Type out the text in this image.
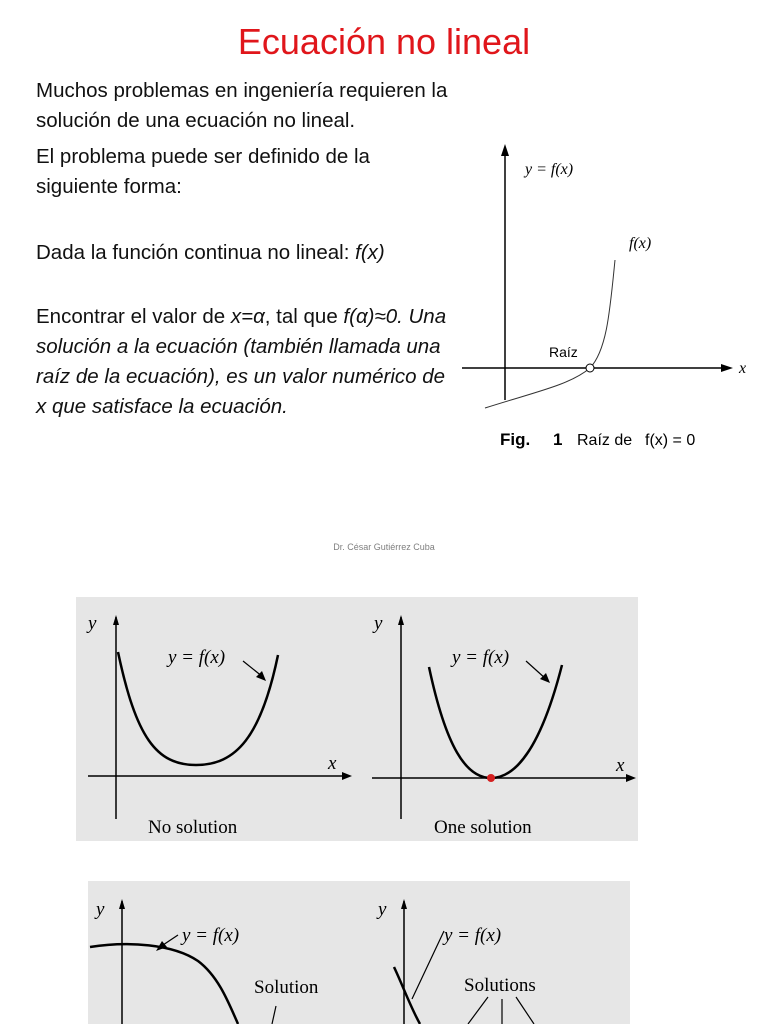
Ecuación no lineal

Muchos problemas en ingeniería requieren la solución de una ecuación no lineal.

El problema puede ser definido de la siguiente forma:

Dada la función continua no lineal: f(x)

Encontrar el valor de x=α, tal que f(α)≈0. Una solución a la ecuación (también llamada una raíz de la ecuación), es un valor numérico de x que satisface la ecuación.

y = f(x)
f(x)
Raíz
x
Fig. 1 Raíz de f(x) = 0
Dr. César Gutiérrez Cuba
y
y = f(x)
x
No solution
y
y = f(x)
x
One solution
y
y = f(x)
Solution
y
y = f(x)
Solutions
